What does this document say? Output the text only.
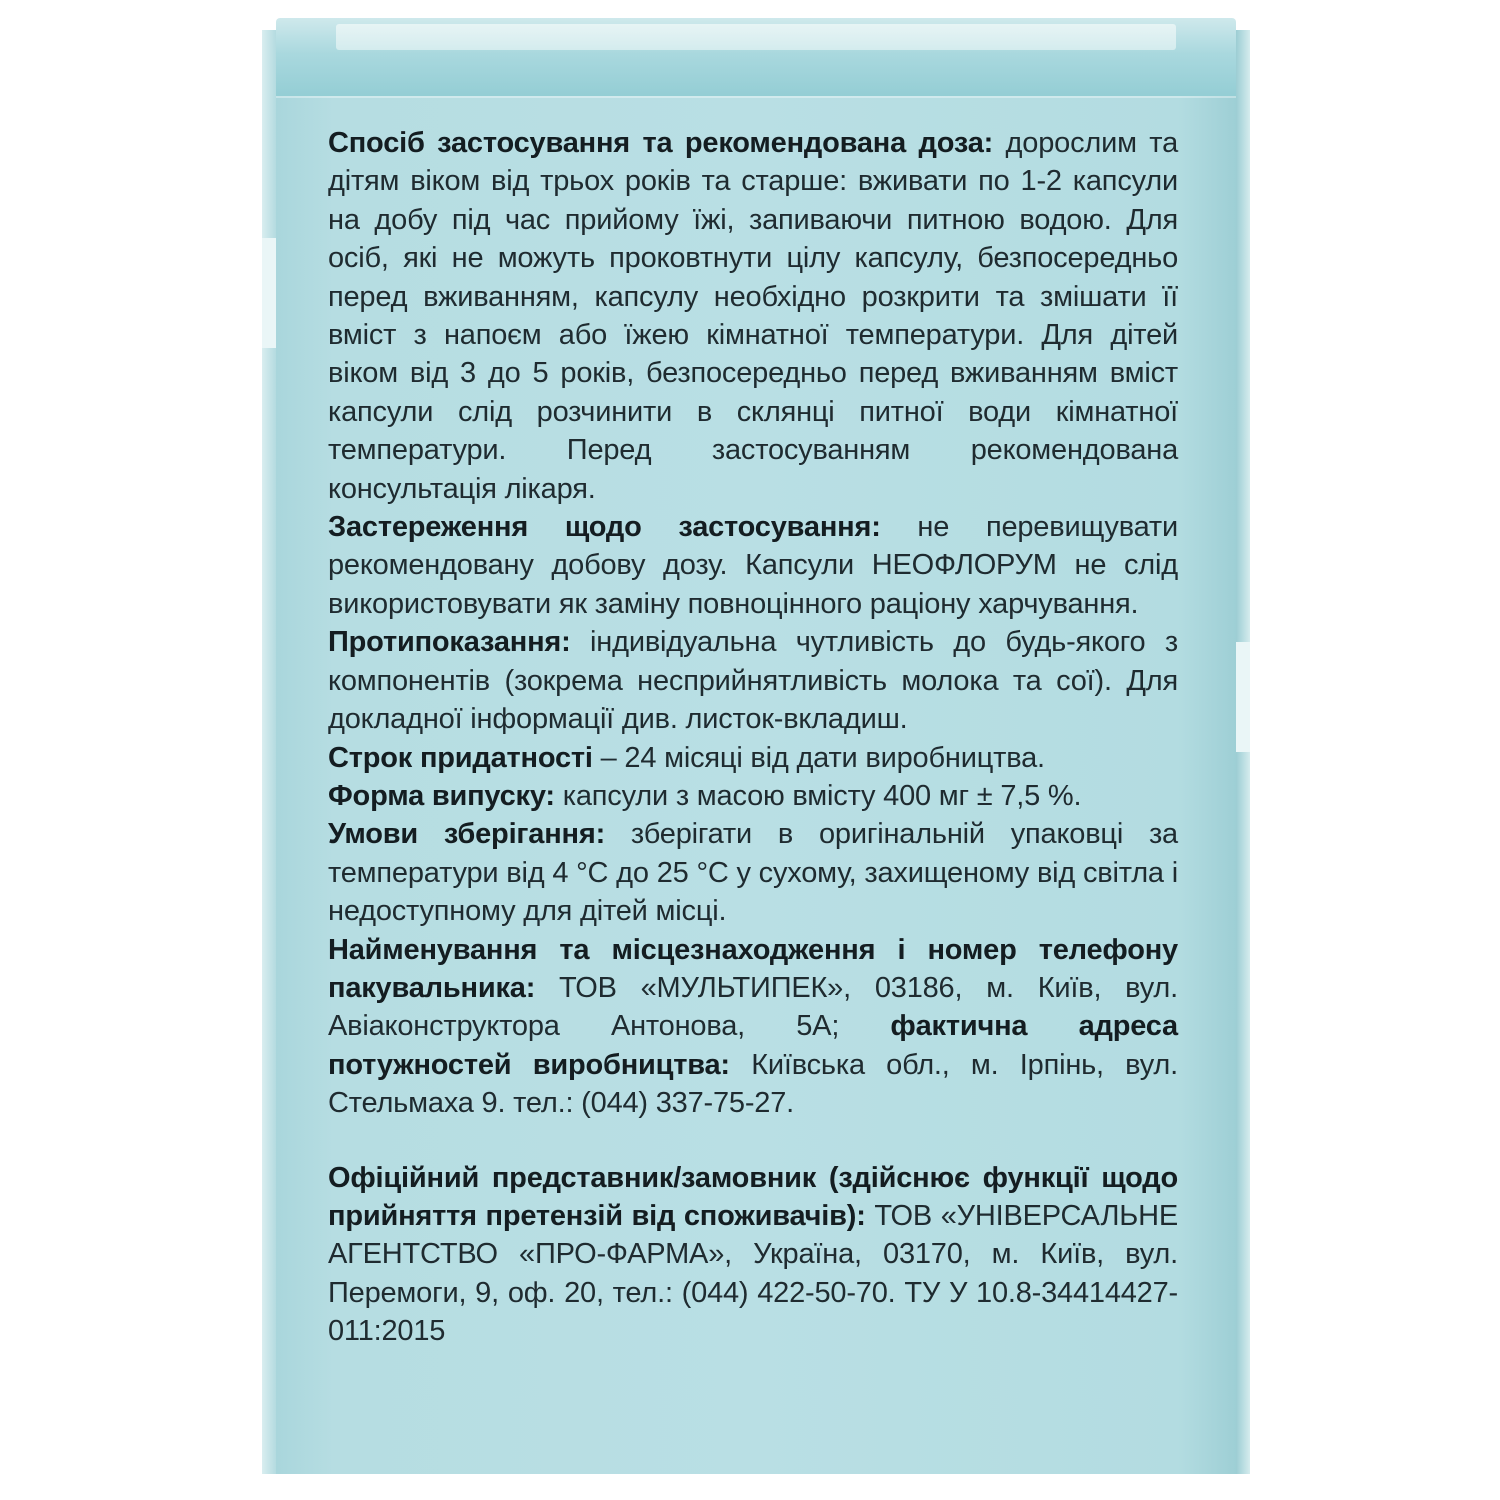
Спосіб застосування та рекомендована доза: дорослим та дітям віком від трьох років та старше: вживати по 1-2 капсули на добу під час прийому їжі, запиваючи питною водою. Для осіб, які не можуть проковтнути цілу капсулу, безпосередньо перед вживанням, капсулу необхідно розкрити та змішати її вміст з напоєм або їжею кімнатної температури. Для дітей віком від 3 до 5 років, безпосередньо перед вживанням вміст капсули слід розчинити в склянці питної води кімнатної температури. Перед застосуванням рекомендована консультація лікаря.

Застереження щодо застосування: не перевищувати рекомендовану добову дозу. Капсули НЕОФЛОРУМ не слід використовувати як заміну повноцінного раціону харчування.

Протипоказання: індивідуальна чутливість до будь-якого з компонентів (зокрема несприйнятливість молока та сої). Для докладної інформації див. листок-вкладиш.

Строк придатності – 24 місяці від дати виробництва.

Форма випуску: капсули з масою вмісту 400 мг ± 7,5 %.

Умови зберігання: зберігати в оригінальній упаковці за температури від 4 °С до 25 °С у сухому, захищеному від світла і недоступному для дітей місці.

Найменування та місцезнаходження і номер телефону пакувальника: ТОВ «МУЛЬТИПЕК», 03186, м. Київ, вул. Авіаконструктора Антонова, 5А; фактична адреса потужностей виробництва: Київська обл., м. Ірпінь, вул. Стельмаха 9. тел.: (044) 337-75-27.

Офіційний представник/замовник (здійснює функції щодо прийняття претензій від споживачів): ТОВ «УНІВЕРСАЛЬНЕ АГЕНТСТВО «ПРО-ФАРМА», Україна, 03170, м. Київ, вул. Перемоги, 9, оф. 20, тел.: (044) 422-50-70. ТУ У 10.8-34414427-011:2015
